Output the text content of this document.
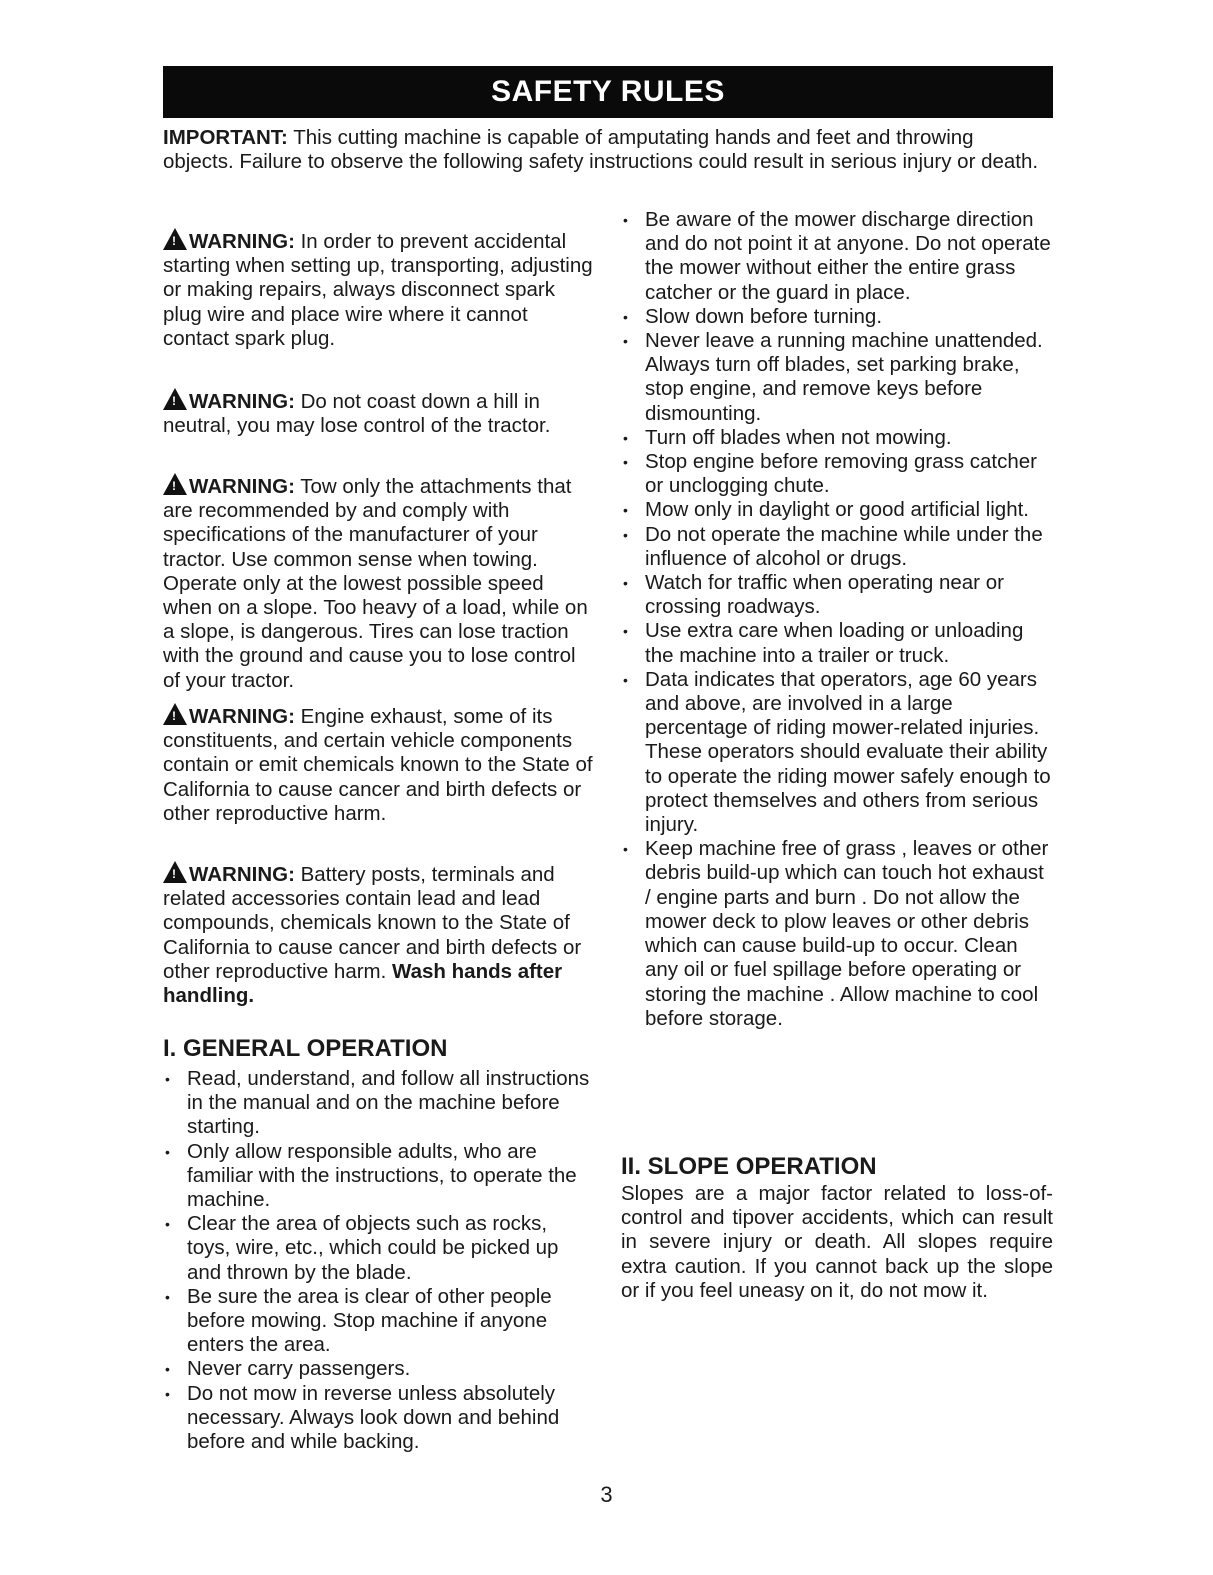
SAFETY RULES

IMPORTANT: This cutting machine is capable of amputating hands and feet and throwing objects. Failure to observe the following safety instructions could result in serious injury or death.

! WARNING: In order to prevent accidental starting when setting up, transporting, adjusting or making repairs, always disconnect spark plug wire and place wire where it cannot contact spark plug.

! WARNING: Do not coast down a hill in neutral, you may lose control of the tractor.

! WARNING: Tow only the attachments that are recommended by and comply with specifications of the manufacturer of your tractor. Use common sense when towing. Operate only at the lowest possible speed when on a slope. Too heavy of a load, while on a slope, is dangerous. Tires can lose traction with the ground and cause you to lose control of your tractor.

! WARNING: Engine exhaust, some of its constituents, and certain vehicle components contain or emit chemicals known to the State of California to cause cancer and birth defects or other reproductive harm.

! WARNING: Battery posts, terminals and related accessories contain lead and lead compounds, chemicals known to the State of California to cause cancer and birth defects or other reproductive harm. Wash hands after handling.

I. GENERAL OPERATION
• Read, understand, and follow all instructions in the manual and on the machine before starting.
• Only allow responsible adults, who are familiar with the instructions, to operate the machine.
• Clear the area of objects such as rocks, toys, wire, etc., which could be picked up and thrown by the blade.
• Be sure the area is clear of other people before mowing. Stop machine if anyone enters the area.
• Never carry passengers.
• Do not mow in reverse unless absolutely necessary. Always look down and behind before and while backing.
• Be aware of the mower discharge direction and do not point it at anyone. Do not operate the mower without either the entire grass catcher or the guard in place.
• Slow down before turning.
• Never leave a running machine unattended. Always turn off blades, set parking brake, stop engine, and remove keys before dismounting.
• Turn off blades when not mowing.
• Stop engine before removing grass catcher or unclogging chute.
• Mow only in daylight or good artificial light.
• Do not operate the machine while under the influence of alcohol or drugs.
• Watch for traffic when operating near or crossing roadways.
• Use extra care when loading or unloading the machine into a trailer or truck.
• Data indicates that operators, age 60 years and above, are involved in a large percentage of riding mower-related injuries. These operators should evaluate their ability to operate the riding mower safely enough to protect themselves and others from serious injury.
• Keep machine free of grass , leaves or other debris build-up which can touch hot exhaust / engine parts and burn . Do not allow the mower deck to plow leaves or other debris which can cause build-up to occur. Clean any oil or fuel spillage before operating or storing the machine . Allow machine to cool before storage.
II. SLOPE OPERATION

Slopes are a major factor related to loss-of-control and tipover accidents, which can result in severe injury or death. All slopes require extra caution. If you cannot back up the slope or if you feel uneasy on it, do not mow it.

3
